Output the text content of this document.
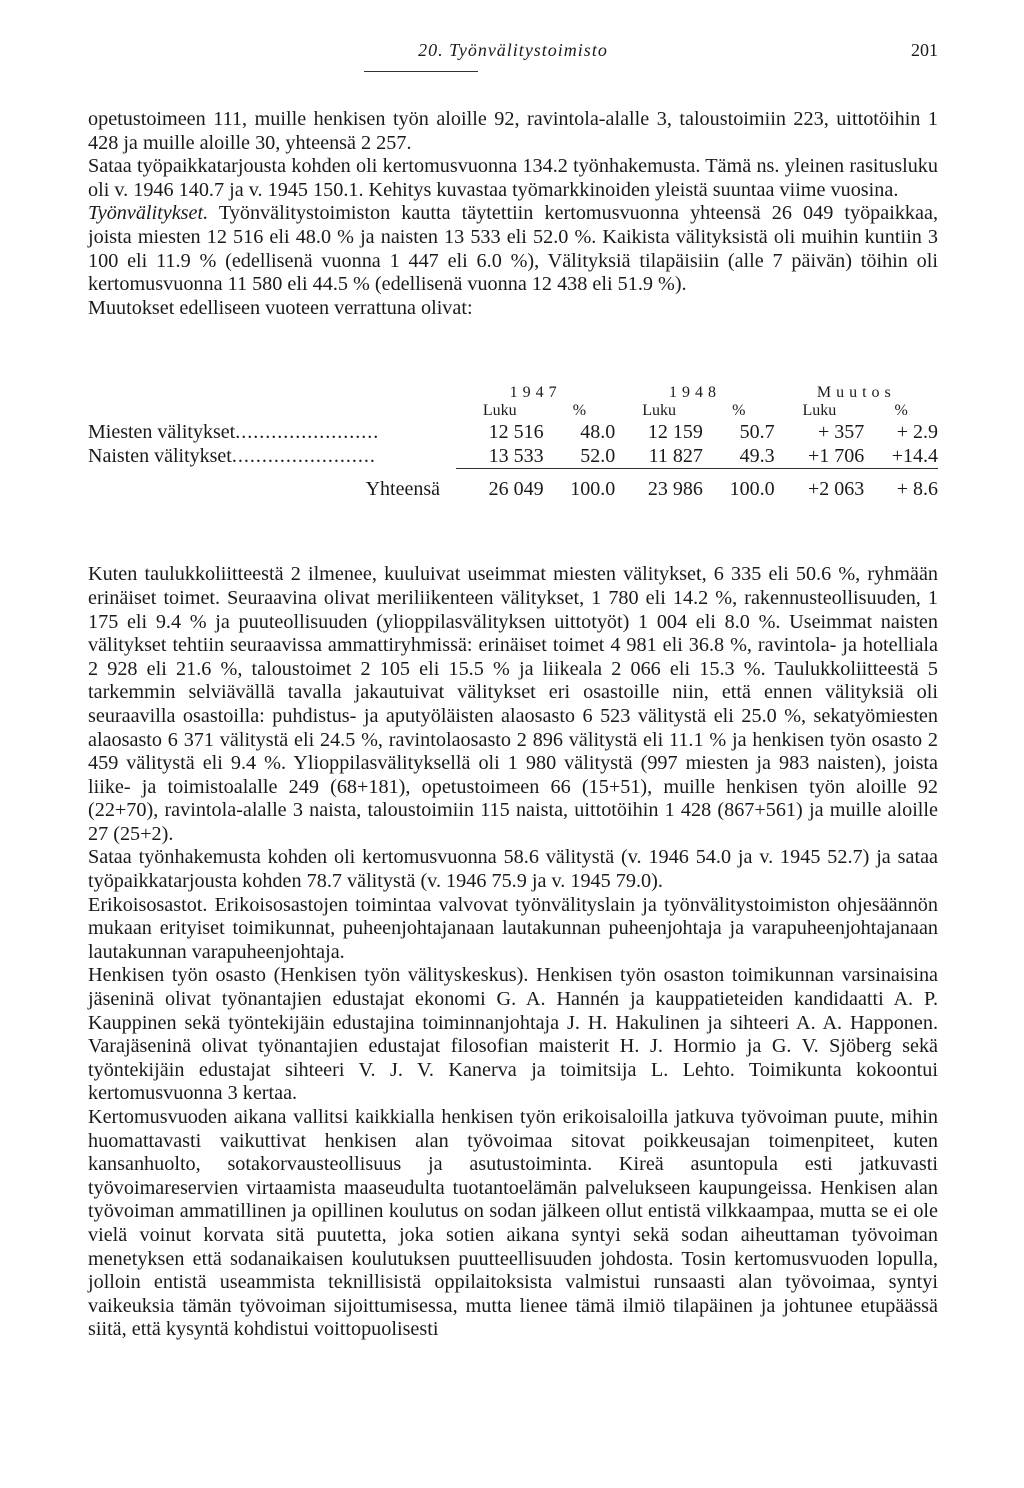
20. Työnvälitystoimisto	201

opetustoimeen 111, muille henkisen työn aloille 92, ravintola-alalle 3, taloustoimiin 223, uittotöihin 1 428 ja muille aloille 30, yhteensä 2 257.

Sataa työpaikkatarjousta kohden oli kertomusvuonna 134.2 työnhakemusta. Tämä ns. yleinen rasitusluku oli v. 1946 140.7 ja v. 1945 150.1. Kehitys kuvastaa työmarkkinoiden yleistä suuntaa viime vuosina.

Työnvälitykset. Työnvälitystoimiston kautta täytettiin kertomusvuonna yhteensä 26 049 työpaikkaa, joista miesten 12 516 eli 48.0 % ja naisten 13 533 eli 52.0 %. Kaikista välityksistä oli muihin kuntiin 3 100 eli 11.9 % (edellisenä vuonna 1 447 eli 6.0 %), Välityksiä tilapäisiin (alle 7 päivän) töihin oli kertomusvuonna 11 580 eli 44.5 % (edellisenä vuonna 12 438 eli 51.9 %).

Muutokset edelliseen vuoteen verrattuna olivat:

	1947		1948		Muutos	
	Luku	%	Luku	%	Luku	%
Miesten välitykset........................	12 516	48.0	12 159	50.7	+ 357	+ 2.9
Naisten välitykset........................	13 533	52.0	11 827	49.3	+1 706	+14.4

Yhteensä	26 049	100.0	23 986	100.0	+2 063	+ 8.6

Kuten taulukkoliitteestä 2 ilmenee, kuuluivat useimmat miesten välitykset, 6 335 eli 50.6 %, ryhmään erinäiset toimet. Seuraavina olivat meriliikenteen välitykset, 1 780 eli 14.2 %, rakennusteollisuuden, 1 175 eli 9.4 % ja puuteollisuuden (ylioppilasvälityksen uittotyöt) 1 004 eli 8.0 %. Useimmat naisten välitykset tehtiin seuraavissa ammattiryhmissä: erinäiset toimet 4 981 eli 36.8 %, ravintola- ja hotelliala 2 928 eli 21.6 %, taloustoimet 2 105 eli 15.5 % ja liikeala 2 066 eli 15.3 %. Taulukkoliitteestä 5 tarkemmin selviävällä tavalla jakautuivat välitykset eri osastoille niin, että ennen välityksiä oli seuraavilla osastoilla: puhdistus- ja aputyöläisten alaosasto 6 523 välitystä eli 25.0 %, sekatyömiesten alaosasto 6 371 välitystä eli 24.5 %, ravintolaosasto 2 896 välitystä eli 11.1 % ja henkisen työn osasto 2 459 välitystä eli 9.4 %. Ylioppilasvälityksellä oli 1 980 välitystä (997 miesten ja 983 naisten), joista liike- ja toimistoalalle 249 (68+181), opetustoimeen 66 (15+51), muille henkisen työn aloille 92 (22+70), ravintola-alalle 3 naista, taloustoimiin 115 naista, uittotöihin 1 428 (867+561) ja muille aloille 27 (25+2).

Sataa työnhakemusta kohden oli kertomusvuonna 58.6 välitystä (v. 1946 54.0 ja v. 1945 52.7) ja sataa työpaikkatarjousta kohden 78.7 välitystä (v. 1946 75.9 ja v. 1945 79.0).

Erikoisosastot. Erikoisosastojen toimintaa valvovat työnvälityslain ja työnvälitystoimiston ohjesäännön mukaan erityiset toimikunnat, puheenjohtajanaan lautakunnan puheenjohtaja ja varapuheenjohtajanaan lautakunnan varapuheenjohtaja.

Henkisen työn osasto (Henkisen työn välityskeskus). Henkisen työn osaston toimikunnan varsinaisina jäseninä olivat työnantajien edustajat ekonomi G. A. Hannén ja kauppatieteiden kandidaatti A. P. Kauppinen sekä työntekijäin edustajina toiminnanjohtaja J. H. Hakulinen ja sihteeri A. A. Happonen. Varajäseninä olivat työnantajien edustajat filosofian maisterit H. J. Hormio ja G. V. Sjöberg sekä työntekijäin edustajat sihteeri V. J. V. Kanerva ja toimitsija L. Lehto. Toimikunta kokoontui kertomusvuonna 3 kertaa.

Kertomusvuoden aikana vallitsi kaikkialla henkisen työn erikoisaloilla jatkuva työvoiman puute, mihin huomattavasti vaikuttivat henkisen alan työvoimaa sitovat poikkeusajan toimenpiteet, kuten kansanhuolto, sotakorvausteollisuus ja asutustoiminta. Kireä asuntopula esti jatkuvasti työvoimareservien virtaamista maaseudulta tuotantoelämän palvelukseen kaupungeissa. Henkisen alan työvoiman ammatillinen ja opillinen koulutus on sodan jälkeen ollut entistä vilkkaampaa, mutta se ei ole vielä voinut korvata sitä puutetta, joka sotien aikana syntyi sekä sodan aiheuttaman työvoiman menetyksen että sodanaikaisen koulutuksen puutteellisuuden johdosta. Tosin kertomusvuoden lopulla, jolloin entistä useammista teknillisistä oppilaitoksista valmistui runsaasti alan työvoimaa, syntyi vaikeuksia tämän työvoiman sijoittumisessa, mutta lienee tämä ilmiö tilapäinen ja johtunee etupäässä siitä, että kysyntä kohdistui voittopuolisesti
